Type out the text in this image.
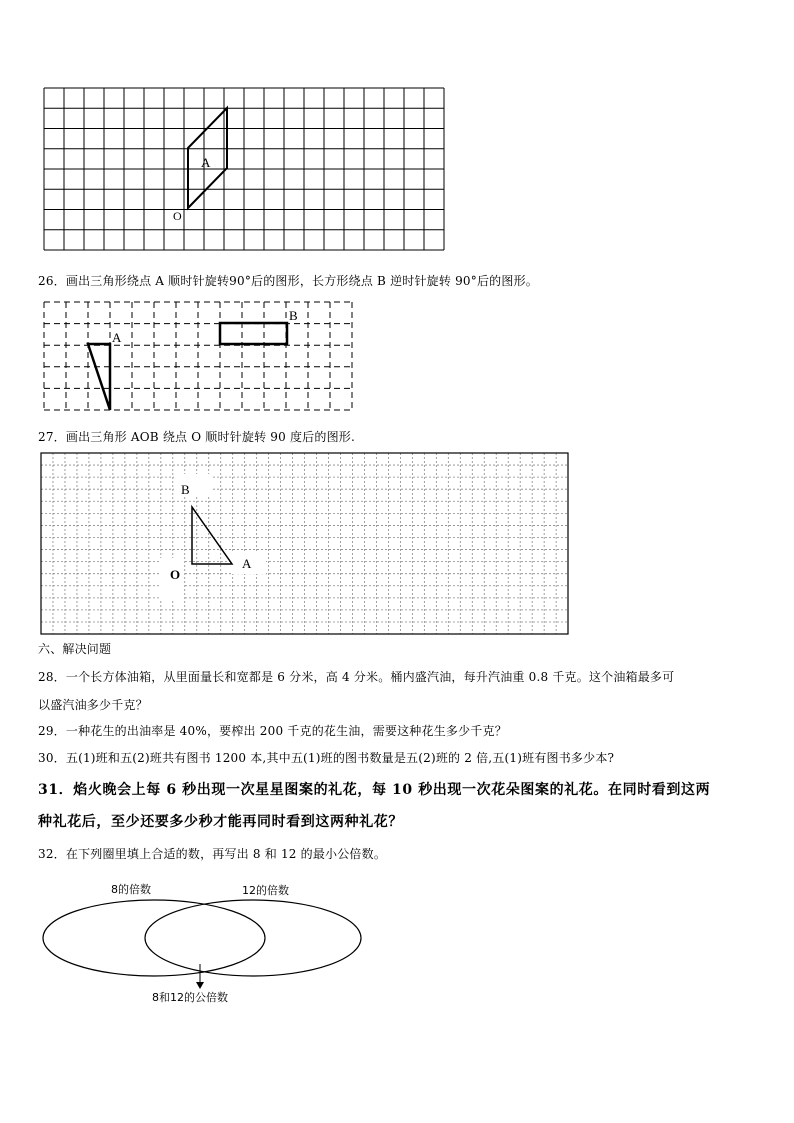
A
O
26．画出三角形绕点 A 顺时针旋转90°后的图形，长方形绕点 B 逆时针旋转 90°后的图形。
A
B
27．画出三角形 AOB 绕点 O 顺时针旋转 90 度后的图形.
B
A
O
六、解决问题
28．一个长方体油箱，从里面量长和宽都是 6 分米，高 4 分米。桶内盛汽油，每升汽油重 0.8 千克。这个油箱最多可
以盛汽油多少千克？
29．一种花生的出油率是 40%，要榨出 200 千克的花生油，需要这种花生多少千克？
30．五(1)班和五(2)班共有图书 1200 本,其中五(1)班的图书数量是五(2)班的 2 倍,五(1)班有图书多少本?
31．焰火晚会上每 6 秒出现一次星星图案的礼花，每 10 秒出现一次花朵图案的礼花。在同时看到这两
种礼花后，至少还要多少秒才能再同时看到这两种礼花？
32．在下列圈里填上合适的数，再写出 8 和 12 的最小公倍数。
8的倍数	12的倍数
8和12的公倍数
